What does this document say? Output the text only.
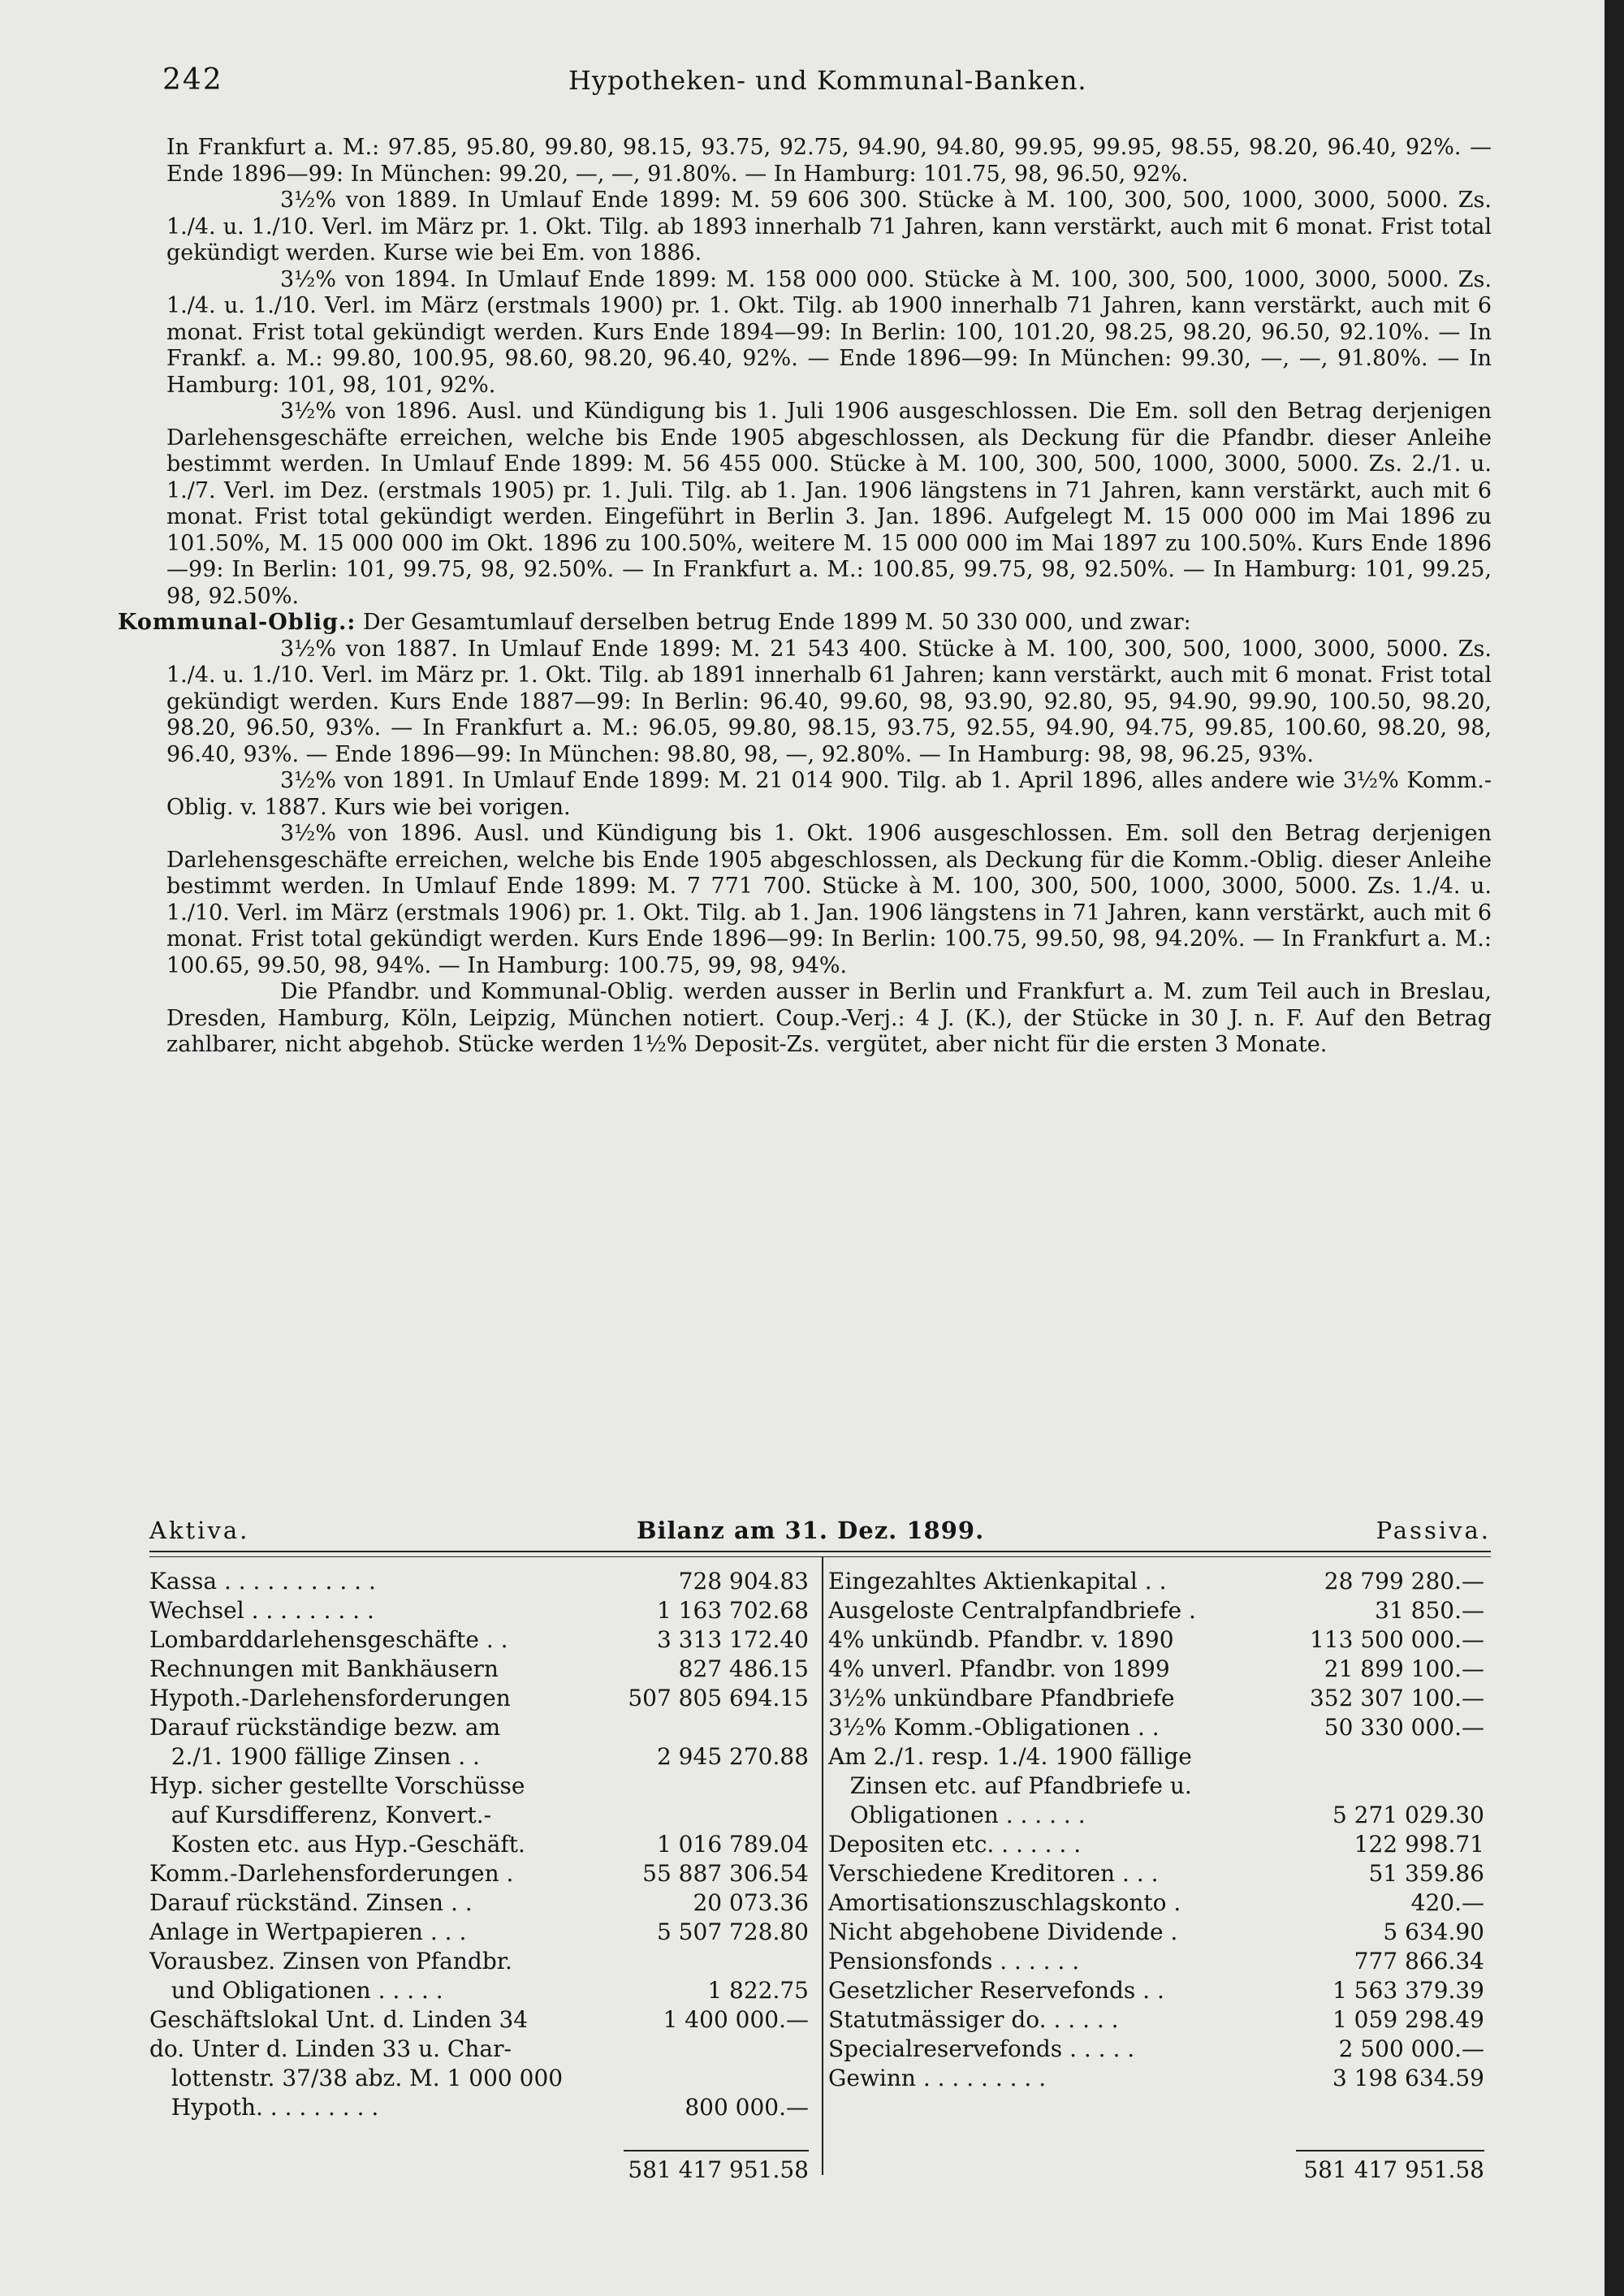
242	Hypotheken- und Kommunal-Banken.

In Frankfurt a. M.: 97.85, 95.80, 99.80, 98.15, 93.75, 92.75, 94.90, 94.80, 99.95, 99.95, 98.55, 98.20, 96.40, 92%. — Ende 1896—99: In München: 99.20, —, —, 91.80%. — In Hamburg: 101.75, 98, 96.50, 92%.

3½% von 1889. In Umlauf Ende 1899: M. 59 606 300. Stücke à M. 100, 300, 500, 1000, 3000, 5000. Zs. 1./4. u. 1./10. Verl. im März pr. 1. Okt. Tilg. ab 1893 innerhalb 71 Jahren, kann verstärkt, auch mit 6 monat. Frist total gekündigt werden. Kurse wie bei Em. von 1886.

3½% von 1894. In Umlauf Ende 1899: M. 158 000 000. Stücke à M. 100, 300, 500, 1000, 3000, 5000. Zs. 1./4. u. 1./10. Verl. im März (erstmals 1900) pr. 1. Okt. Tilg. ab 1900 innerhalb 71 Jahren, kann verstärkt, auch mit 6 monat. Frist total gekündigt werden. Kurs Ende 1894—99: In Berlin: 100, 101.20, 98.25, 98.20, 96.50, 92.10%. — In Frankf. a. M.: 99.80, 100.95, 98.60, 98.20, 96.40, 92%. — Ende 1896—99: In München: 99.30, —, —, 91.80%. — In Hamburg: 101, 98, 101, 92%.

3½% von 1896. Ausl. und Kündigung bis 1. Juli 1906 ausgeschlossen. Die Em. soll den Betrag derjenigen Darlehensgeschäfte erreichen, welche bis Ende 1905 abgeschlossen, als Deckung für die Pfandbr. dieser Anleihe bestimmt werden. In Umlauf Ende 1899: M. 56 455 000. Stücke à M. 100, 300, 500, 1000, 3000, 5000. Zs. 2./1. u. 1./7. Verl. im Dez. (erstmals 1905) pr. 1. Juli. Tilg. ab 1. Jan. 1906 längstens in 71 Jahren, kann verstärkt, auch mit 6 monat. Frist total gekündigt werden. Eingeführt in Berlin 3. Jan. 1896. Aufgelegt M. 15 000 000 im Mai 1896 zu 101.50%, M. 15 000 000 im Okt. 1896 zu 100.50%, weitere M. 15 000 000 im Mai 1897 zu 100.50%. Kurs Ende 1896—99: In Berlin: 101, 99.75, 98, 92.50%. — In Frankfurt a. M.: 100.85, 99.75, 98, 92.50%. — In Hamburg: 101, 99.25, 98, 92.50%.

Kommunal-Oblig.: Der Gesamtumlauf derselben betrug Ende 1899 M. 50 330 000, und zwar:

3½% von 1887. In Umlauf Ende 1899: M. 21 543 400. Stücke à M. 100, 300, 500, 1000, 3000, 5000. Zs. 1./4. u. 1./10. Verl. im März pr. 1. Okt. Tilg. ab 1891 innerhalb 61 Jahren; kann verstärkt, auch mit 6 monat. Frist total gekündigt werden. Kurs Ende 1887—99: In Berlin: 96.40, 99.60, 98, 93.90, 92.80, 95, 94.90, 99.90, 100.50, 98.20, 98.20, 96.50, 93%. — In Frankfurt a. M.: 96.05, 99.80, 98.15, 93.75, 92.55, 94.90, 94.75, 99.85, 100.60, 98.20, 98, 96.40, 93%. — Ende 1896—99: In München: 98.80, 98, —, 92.80%. — In Hamburg: 98, 98, 96.25, 93%.

3½% von 1891. In Umlauf Ende 1899: M. 21 014 900. Tilg. ab 1. April 1896, alles andere wie 3½% Komm.-Oblig. v. 1887. Kurs wie bei vorigen.

3½% von 1896. Ausl. und Kündigung bis 1. Okt. 1906 ausgeschlossen. Em. soll den Betrag derjenigen Darlehensgeschäfte erreichen, welche bis Ende 1905 abgeschlossen, als Deckung für die Komm.-Oblig. dieser Anleihe bestimmt werden. In Umlauf Ende 1899: M. 7 771 700. Stücke à M. 100, 300, 500, 1000, 3000, 5000. Zs. 1./4. u. 1./10. Verl. im März (erstmals 1906) pr. 1. Okt. Tilg. ab 1. Jan. 1906 längstens in 71 Jahren, kann verstärkt, auch mit 6 monat. Frist total gekündigt werden. Kurs Ende 1896—99: In Berlin: 100.75, 99.50, 98, 94.20%. — In Frankfurt a. M.: 100.65, 99.50, 98, 94%. — In Hamburg: 100.75, 99, 98, 94%.

Die Pfandbr. und Kommunal-Oblig. werden ausser in Berlin und Frankfurt a. M. zum Teil auch in Breslau, Dresden, Hamburg, Köln, Leipzig, München notiert. Coup.-Verj.: 4 J. (K.), der Stücke in 30 J. n. F. Auf den Betrag zahlbarer, nicht abgehob. Stücke werden 1½% Deposit-Zs. vergütet, aber nicht für die ersten 3 Monate.

Aktiva.	Bilanz am 31. Dez. 1899.	Passiva.
Kassa . . . . . . . . . . .	728 904.83
Wechsel . . . . . . . . .	1 163 702.68
Lombarddarlehensgeschäfte . .	3 313 172.40
Rechnungen mit Bankhäusern	827 486.15
Hypoth.-Darlehensforderungen	507 805 694.15
Darauf rückständige bezw. am
2./1. 1900 fällige Zinsen . .	2 945 270.88
Hyp. sicher gestellte Vorschüsse
auf Kursdifferenz, Konvert.-
Kosten etc. aus Hyp.-Geschäft.	1 016 789.04
Komm.-Darlehensforderungen .	55 887 306.54
Darauf rückständ. Zinsen . .	20 073.36
Anlage in Wertpapieren . . .	5 507 728.80
Vorausbez. Zinsen von Pfandbr.
und Obligationen . . . . .	1 822.75
Geschäftslokal Unt. d. Linden 34	1 400 000.—
do. Unter d. Linden 33 u. Char-
lottenstr. 37/38 abz. M. 1 000 000
Hypoth. . . . . . . . .	800 000.—
Eingezahltes Aktienkapital . .	28 799 280.—
Ausgeloste Centralpfandbriefe .	31 850.—
4% unkündb. Pfandbr. v. 1890	113 500 000.—
4% unverl. Pfandbr. von 1899	21 899 100.—
3½% unkündbare Pfandbriefe	352 307 100.—
3½% Komm.-Obligationen . .	50 330 000.—
Am 2./1. resp. 1./4. 1900 fällige
Zinsen etc. auf Pfandbriefe u.
Obligationen . . . . . .	5 271 029.30
Depositen etc. . . . . . .	122 998.71
Verschiedene Kreditoren . . .	51 359.86
Amortisationszuschlagskonto .	420.—
Nicht abgehobene Dividende .	5 634.90
Pensionsfonds . . . . . .	777 866.34
Gesetzlicher Reservefonds . .	1 563 379.39
Statutmässiger do. . . . . .	1 059 298.49
Specialreservefonds . . . . .	2 500 000.—
Gewinn . . . . . . . . .	3 198 634.59
581 417 951.58	581 417 951.58
